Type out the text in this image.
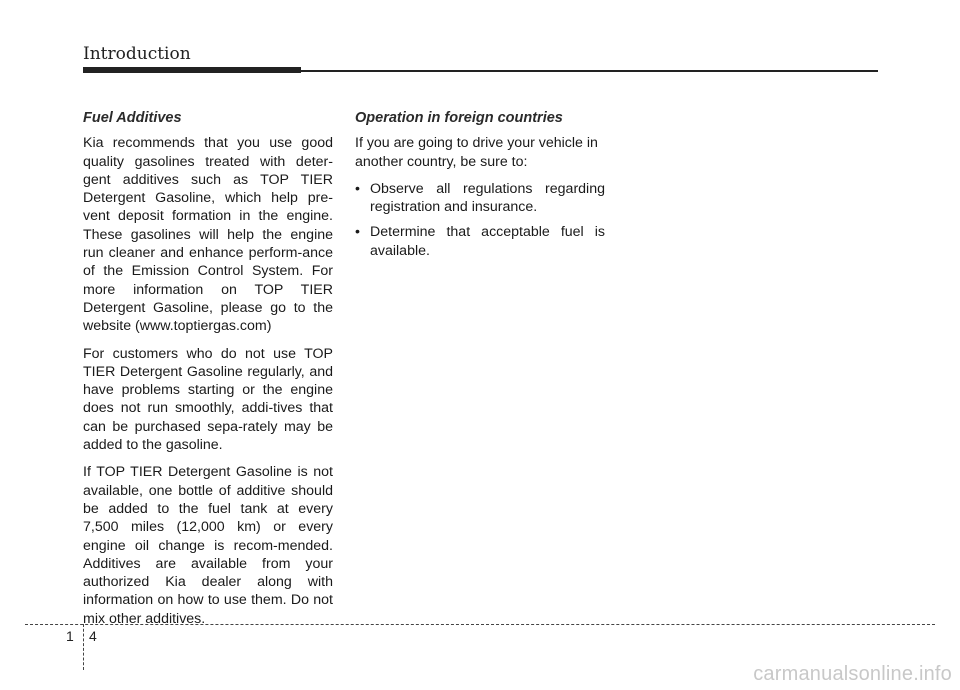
Introduction
Fuel Additives

Kia recommends that you use good quality gasolines treated with deter-gent additives such as TOP TIER Detergent Gasoline, which help pre-vent deposit formation in the engine. These gasolines will help the engine run cleaner and enhance perform-ance of the Emission Control System. For more information on TOP TIER Detergent Gasoline, please go to the website (www.toptiergas.com)

For customers who do not use TOP TIER Detergent Gasoline regularly, and have problems starting or the engine does not run smoothly, addi-tives that can be purchased sepa-rately may be added to the gasoline.

If TOP TIER Detergent Gasoline is not available, one bottle of additive should be added to the fuel tank at every 7,500 miles (12,000 km) or every engine oil change is recom-mended. Additives are available from your authorized Kia dealer along with information on how to use them. Do not mix other additives.

Operation in foreign countries

If you are going to drive your vehicle in another country, be sure to:

• Observe all regulations regarding registration and insurance.
• Determine that acceptable fuel is available.
1 4
carmanualsonline.info
